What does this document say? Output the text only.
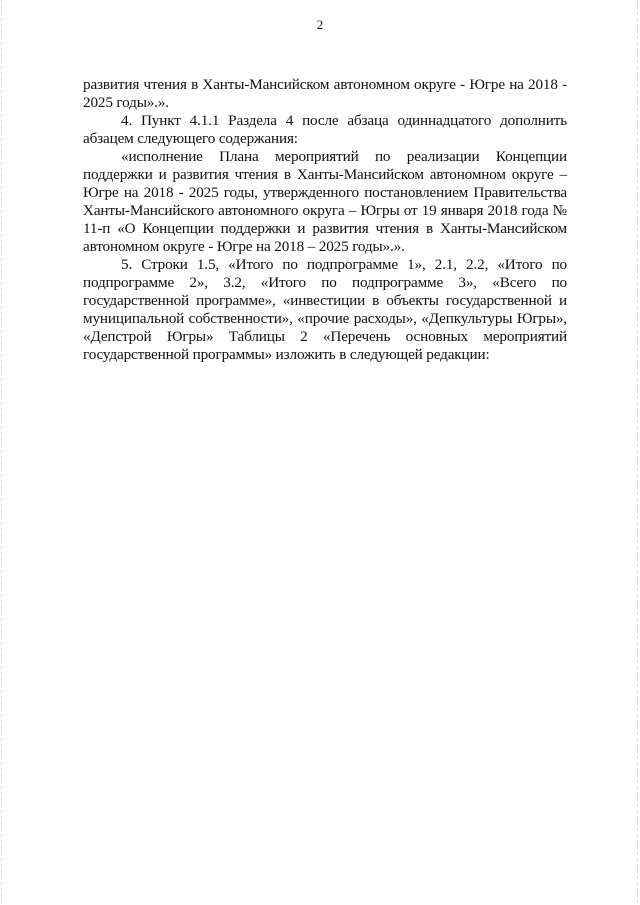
2

развития чтения в Ханты-Мансийском автономном округе - Югре на 2018 - 2025 годы».».

4. Пункт 4.1.1 Раздела 4 после абзаца одиннадцатого дополнить абзацем следующего содержания:

«исполнение Плана мероприятий по реализации Концепции поддержки и развития чтения в Ханты-Мансийском автономном округе – Югре на 2018 - 2025 годы, утвержденного постановлением Правительства Ханты-Мансийского автономного округа – Югры от 19 января 2018 года № 11-п «О Концепции поддержки и развития чтения в Ханты-Мансийском автономном округе - Югре на 2018 – 2025 годы».».

5. Строки 1.5, «Итого по подпрограмме 1», 2.1, 2.2, «Итого по подпрограмме 2», 3.2, «Итого по подпрограмме 3», «Всего по государственной программе», «инвестиции в объекты государственной и муниципальной собственности», «прочие расходы», «Депкультуры Югры», «Депстрой Югры» Таблицы 2 «Перечень основных мероприятий государственной программы» изложить в следующей редакции:
